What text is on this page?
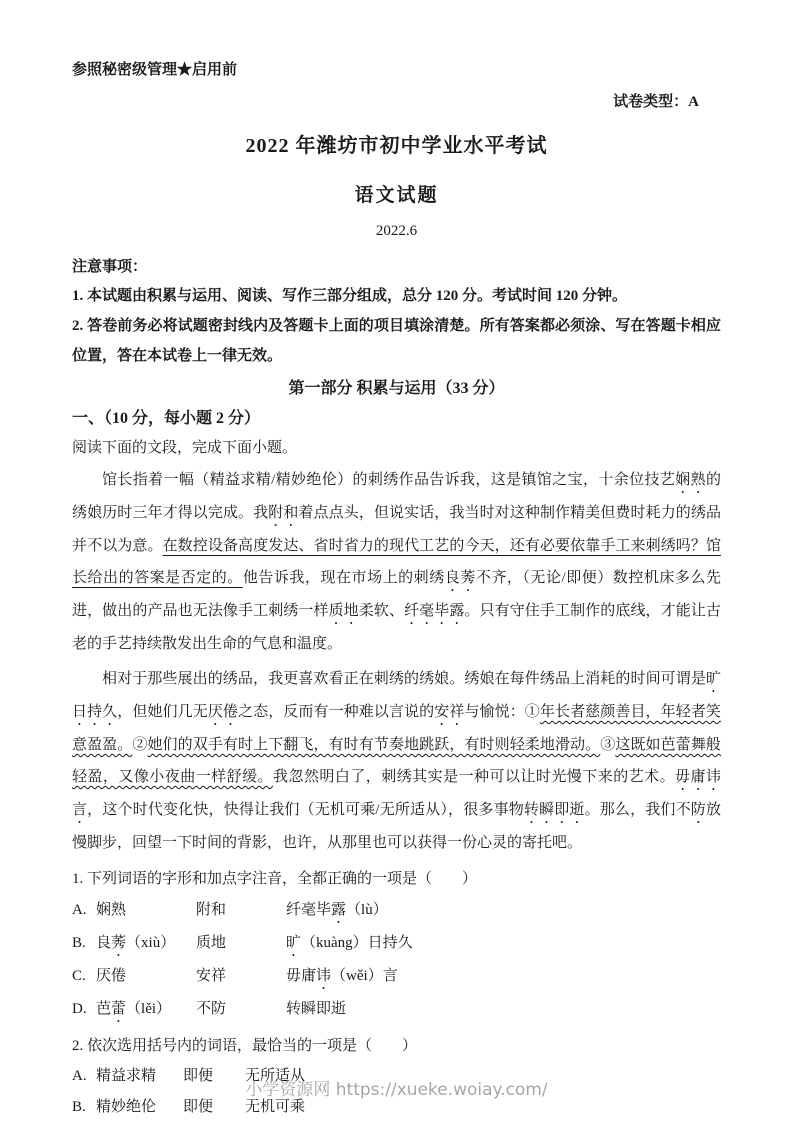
参照秘密级管理★启用前
试卷类型：A
2022 年潍坊市初中学业水平考试
语文试题
2022.6
注意事项：
1. 本试题由积累与运用、阅读、写作三部分组成，总分 120 分。考试时间 120 分钟。
2. 答卷前务必将试题密封线内及答题卡上面的项目填涂清楚。所有答案都必须涂、写在答题卡相应位置，答在本试卷上一律无效。
第一部分 积累与运用（33 分）
一、（10 分，每小题 2 分）
阅读下面的文段，完成下面小题。

馆长指着一幅（精益求精/精妙绝伦）的刺绣作品告诉我，这是镇馆之宝，十余位技艺娴熟的绣娘历时三年才得以完成。我附和着点点头，但说实话，我当时对这种制作精美但费时耗力的绣品并不以为意。在数控设备高度发达、省时省力的现代工艺的今天，还有必要依靠手工来刺绣吗？馆长给出的答案是否定的。他告诉我，现在市场上的刺绣良莠不齐，（无论/即便）数控机床多么先进，做出的产品也无法像手工刺绣一样质地柔软、纤毫毕露。只有守住手工制作的底线，才能让古老的手艺持续散发出生命的气息和温度。

相对于那些展出的绣品，我更喜欢看正在刺绣的绣娘。绣娘在每件绣品上消耗的时间可谓是旷日持久，但她们几无厌倦之态，反而有一种难以言说的安祥与愉悦：①年长者慈颜善目，年轻者笑意盈盈。②她们的双手有时上下翻飞，有时有节奏地跳跃，有时则轻柔地滑动。③这既如芭蕾舞般轻盈，又像小夜曲一样舒缓。我忽然明白了，刺绣其实是一种可以让时光慢下来的艺术。毋庸讳言，这个时代变化快，快得让我们（无机可乘/无所适从），很多事物转瞬即逝。那么，我们不防放慢脚步，回望一下时间的背影，也许，从那里也可以获得一份心灵的寄托吧。

1. 下列词语的字形和加点字注音，全都正确的一项是（　　）
A. 娴熟	附和	纤毫毕露（lù）
B. 良莠（xiù）	质地	旷（kuàng）日持久
C. 厌倦	安祥	毋庸讳（wěi）言
D. 芭蕾（lěi）	不防	转瞬即逝
2. 依次选用括号内的词语，最恰当的一项是（　　）
A. 精益求精	即便	无所适从
B. 精妙绝伦	即便	无机可乘
小学资源网 https://xueke.woiay.com/
